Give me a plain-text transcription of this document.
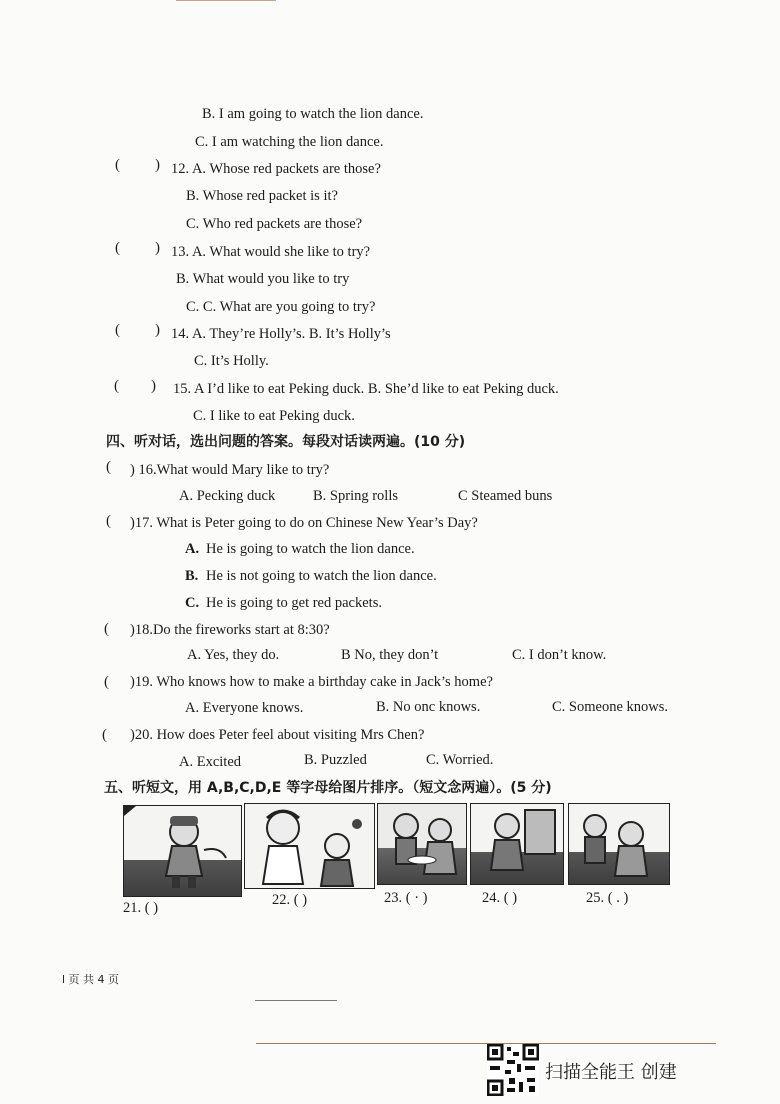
B. I am going to watch the lion dance.
C. I am watching the lion dance.
( ) 12. A. Whose red packets are those?
B. Whose red packet is it?
C. Who red packets are those?
( ) 13. A. What would she like to try?
B. What would you like to try
C. C. What are you going to try?
( ) 14. A. They’re Holly’s. B. It’s Holly’s
C. It’s Holly.
( ) 15. A I’d like to eat Peking duck. B. She’d like to eat Peking duck.
C. I like to eat Peking duck.
四、听对话，选出问题的答案。每段对话读两遍。(10 分)
( ) 16.What would Mary like to try?
A. Pecking duck	B. Spring rolls	C Steamed buns
( )17. What is Peter going to do on Chinese New Year’s Day?
A. He is going to watch the lion dance.
B. He is not going to watch the lion dance.
C. He is going to get red packets.
( )18.Do the fireworks start at 8:30?
A. Yes, they do.	B No, they don’t	C. I don’t know.
( )19. Who knows how to make a birthday cake in Jack’s home?
A. Everyone knows.	B. No onc knows.	C. Someone knows.
( )20. How does Peter feel about visiting Mrs Chen?
A. Excited	B. Puzzled	C. Worried.
五、听短文，用 A,B,C,D,E 等字母给图片排序。（短文念两遍）。(5 分)
21. ( )	22. ( )	23. ( · )	24. ( )	25. ( . )
l 页 共 4 页
扫描全能王 创建
